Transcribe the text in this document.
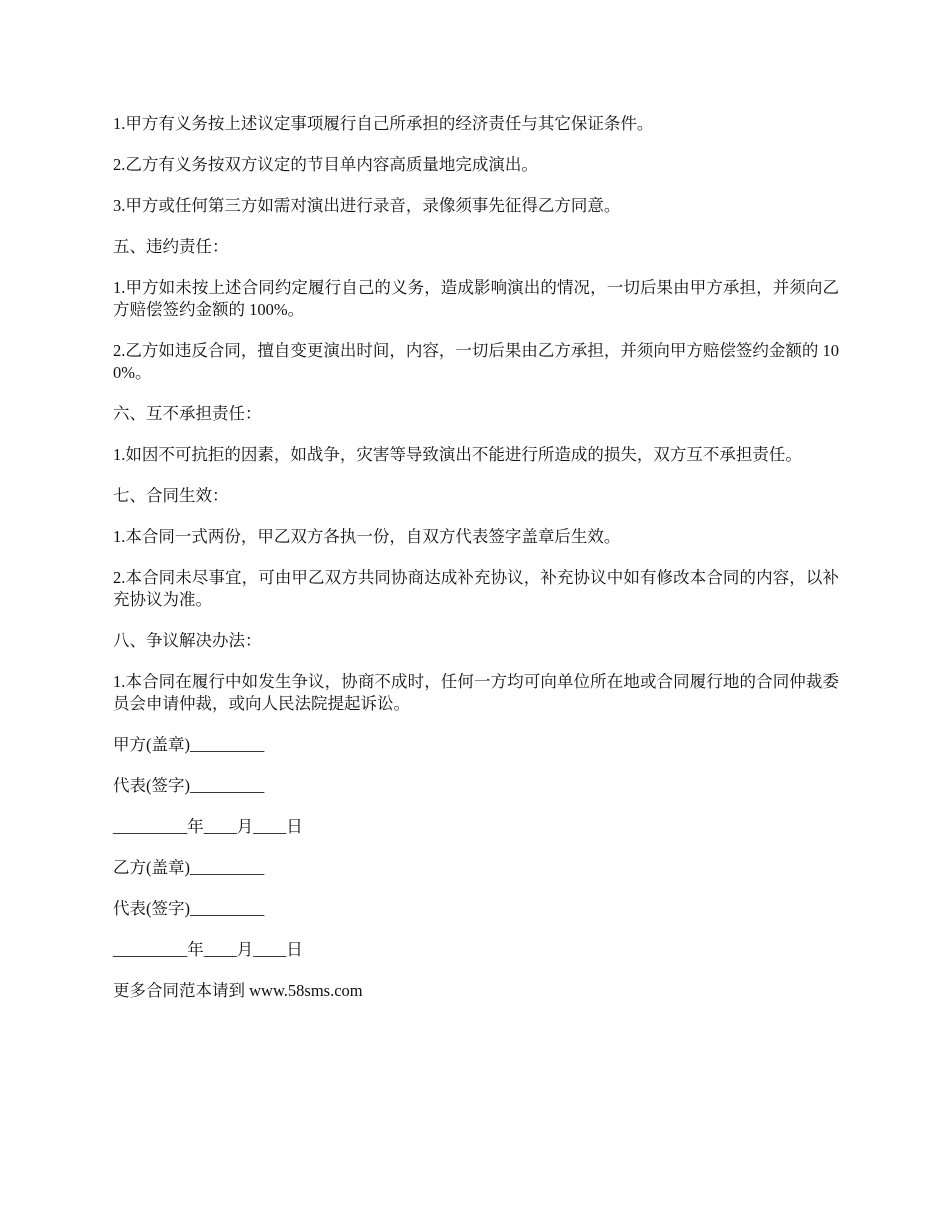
1.甲方有义务按上述议定事项履行自己所承担的经济责任与其它保证条件。

2.乙方有义务按双方议定的节目单内容高质量地完成演出。

3.甲方或任何第三方如需对演出进行录音，录像须事先征得乙方同意。

五、违约责任：

1.甲方如未按上述合同约定履行自己的义务，造成影响演出的情况，一切后果由甲方承担，并须向乙方赔偿签约金额的 100%。

2.乙方如违反合同，擅自变更演出时间，内容，一切后果由乙方承担，并须向甲方赔偿签约金额的 100%。

六、互不承担责任：

1.如因不可抗拒的因素，如战争，灾害等导致演出不能进行所造成的损失，双方互不承担责任。

七、合同生效：

1.本合同一式两份，甲乙双方各执一份，自双方代表签字盖章后生效。

2.本合同未尽事宜，可由甲乙双方共同协商达成补充协议，补充协议中如有修改本合同的内容，以补充协议为准。

八、争议解决办法：

1.本合同在履行中如发生争议，协商不成时，任何一方均可向单位所在地或合同履行地的合同仲裁委员会申请仲裁，或向人民法院提起诉讼。

甲方(盖章)_________

代表(签字)_________

_________年____月____日

乙方(盖章)_________

代表(签字)_________

_________年____月____日

更多合同范本请到 www.58sms.com
